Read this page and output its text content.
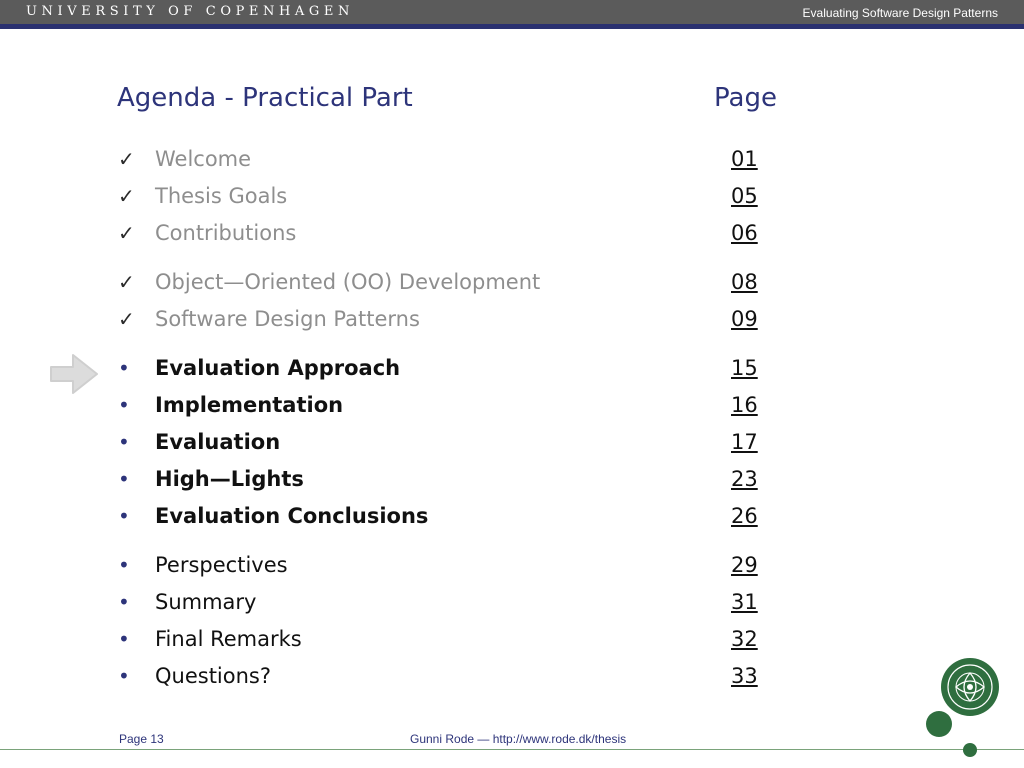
UNIVERSITY OF COPENHAGEN	Evaluating Software Design Patterns
Agenda - Practical Part	Page
✓ Welcome	01
✓ Thesis Goals	05
✓ Contributions	06
✓ Object—Oriented (OO) Development	08
✓ Software Design Patterns	09
•	Evaluation Approach	15
•	Implementation	16
•	Evaluation	17
•	High—Lights	23
•	Evaluation Conclusions	26
•	Perspectives	29
•	Summary	31
•	Final Remarks	32
•	Questions?	33
Page 13	Gunni Rode — http://www.rode.dk/thesis
